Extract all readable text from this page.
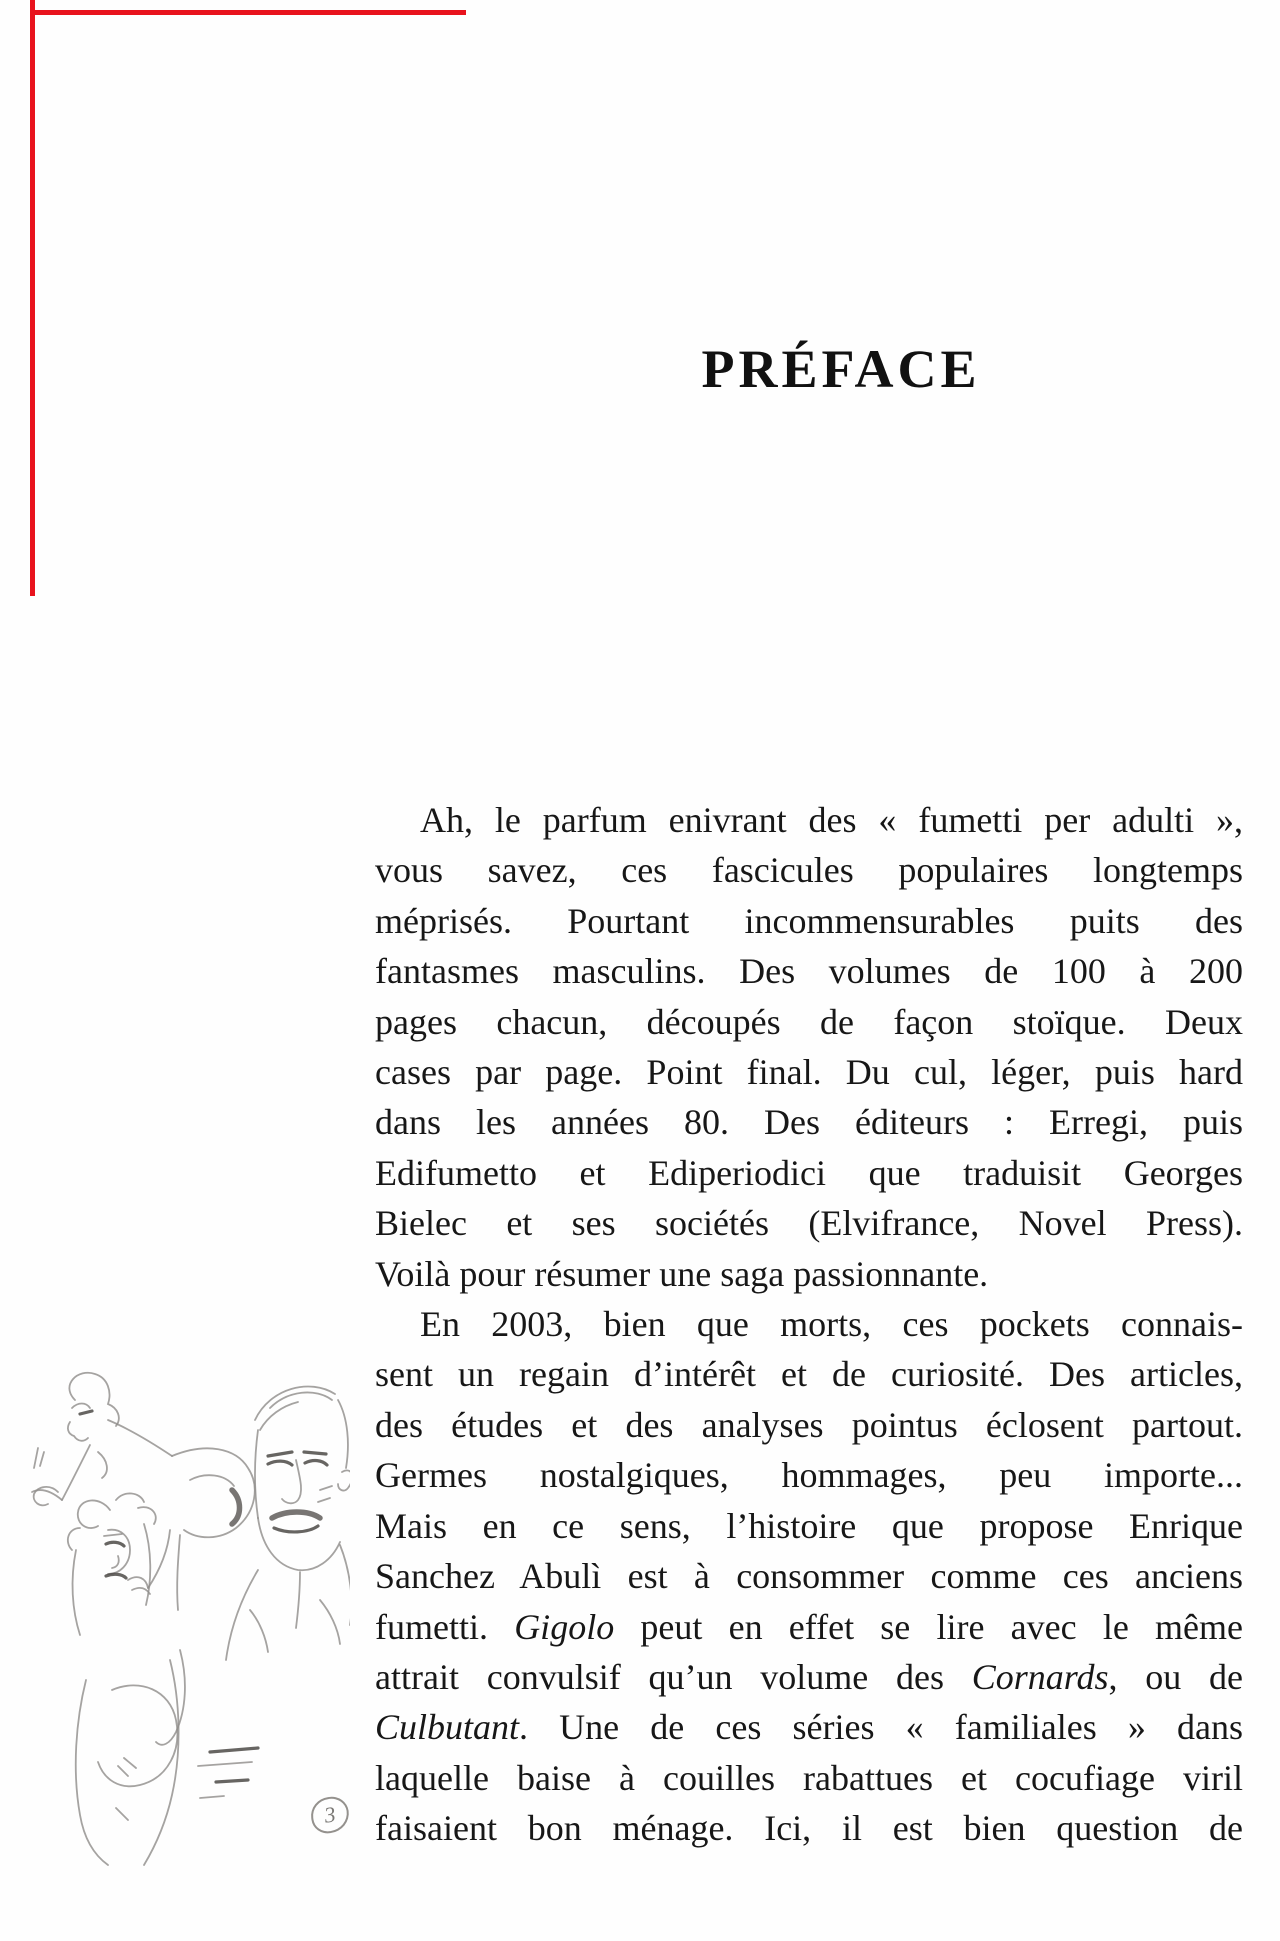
PRÉFACE
Ah, le parfum enivrant des « fumetti per adulti »,
vous savez, ces fascicules populaires longtemps
méprisés. Pourtant incommensurables puits des
fantasmes masculins. Des volumes de 100 à 200
pages chacun, découpés de façon stoïque. Deux
cases par page. Point final. Du cul, léger, puis hard
dans les années 80. Des éditeurs : Erregi, puis
Edifumetto et Ediperiodici que traduisit Georges
Bielec et ses sociétés (Elvifrance, Novel Press).
Voilà pour résumer une saga passionnante.
En 2003, bien que morts, ces pockets connais-
sent un regain d’intérêt et de curiosité. Des articles,
des études et des analyses pointus éclosent partout.
Germes nostalgiques, hommages, peu importe...
Mais en ce sens, l’histoire que propose Enrique
Sanchez Abulì est à consommer comme ces anciens
fumetti. Gigolo peut en effet se lire avec le même
attrait convulsif qu’un volume des Cornards, ou de
Culbutant. Une de ces séries « familiales » dans
laquelle baise à couilles rabattues et cocufiage viril
faisaient bon ménage. Ici, il est bien question de
3
